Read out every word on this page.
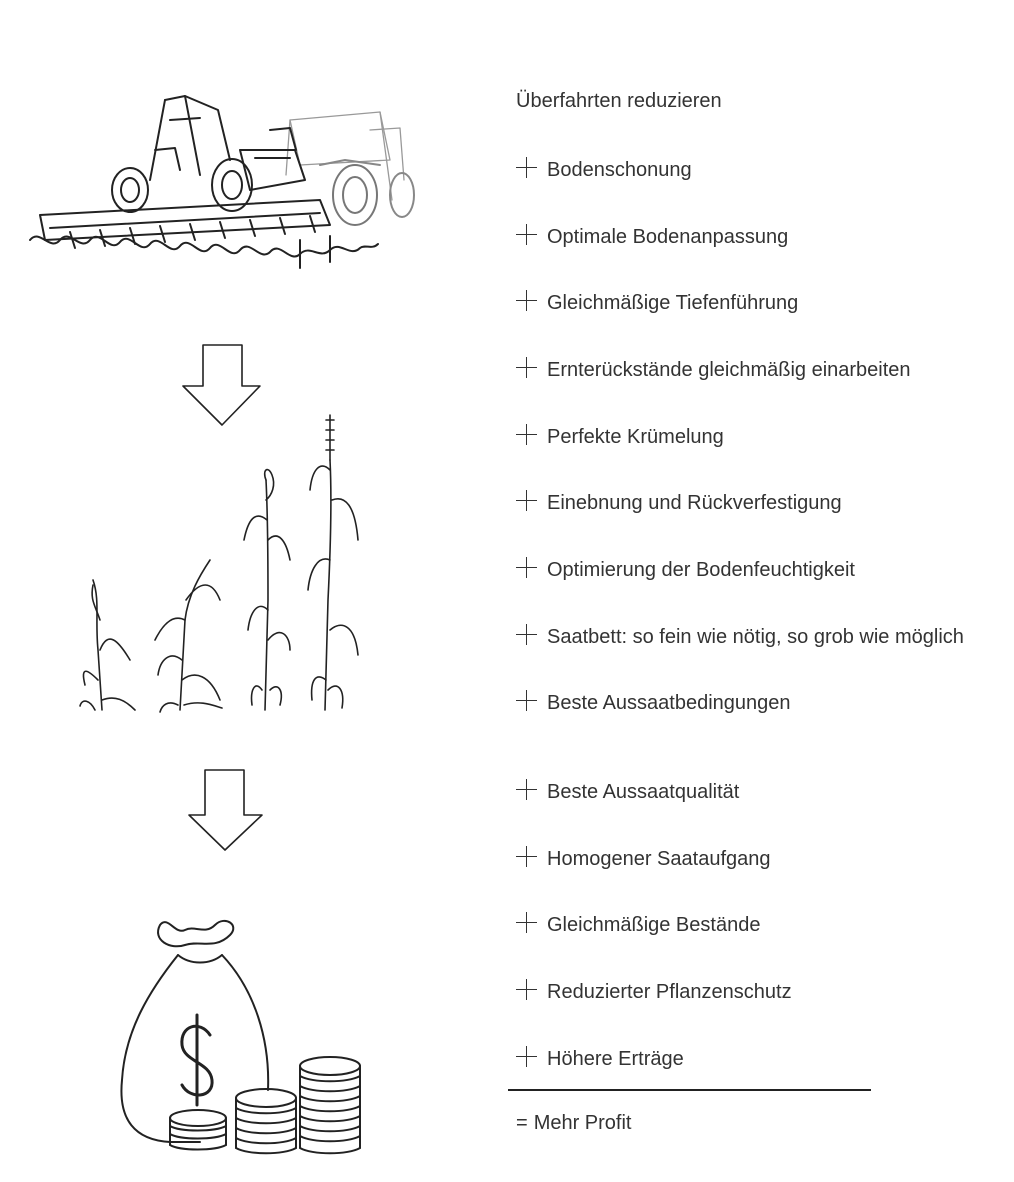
Überfahrten reduzieren
Bodenschonung
Optimale Bodenanpassung
Gleichmäßige Tiefenführung
Ernterückstände gleichmäßig einarbeiten
Perfekte Krümelung
Einebnung und Rückverfestigung
Optimierung der Bodenfeuchtigkeit
Saatbett: so fein wie nötig, so grob wie möglich
Beste Aussaatbedingungen
Beste Aussaatqualität
Homogener Saataufgang
Gleichmäßige Bestände
Reduzierter Pflanzenschutz
Höhere Erträge
= Mehr Profit
